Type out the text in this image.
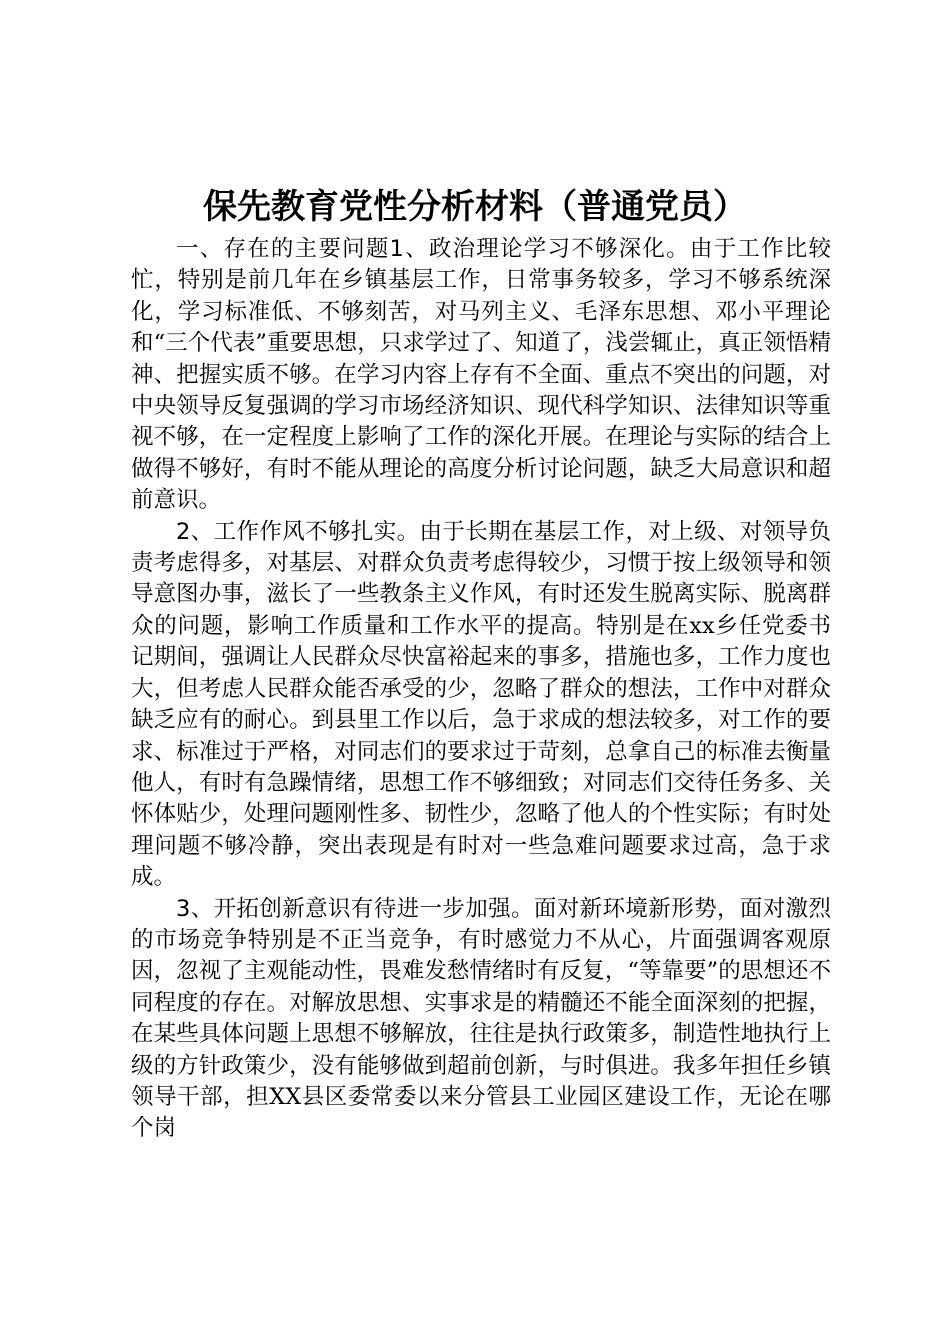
保先教育党性分析材料（普通党员）

一、存在的主要问题1、政治理论学习不够深化。由于工作比较忙，特别是前几年在乡镇基层工作，日常事务较多，学习不够系统深化，学习标准低、不够刻苦，对马列主义、毛泽东思想、邓小平理论和“三个代表”重要思想，只求学过了、知道了，浅尝辄止，真正领悟精神、把握实质不够。在学习内容上存有不全面、重点不突出的问题，对中央领导反复强调的学习市场经济知识、现代科学知识、法律知识等重视不够，在一定程度上影响了工作的深化开展。在理论与实际的结合上做得不够好，有时不能从理论的高度分析讨论问题，缺乏大局意识和超前意识。

2、工作作风不够扎实。由于长期在基层工作，对上级、对领导负责考虑得多，对基层、对群众负责考虑得较少，习惯于按上级领导和领导意图办事，滋长了一些教条主义作风，有时还发生脱离实际、脱离群众的问题，影响工作质量和工作水平的提高。特别是在xx乡任党委书记期间，强调让人民群众尽快富裕起来的事多，措施也多，工作力度也大，但考虑人民群众能否承受的少，忽略了群众的想法，工作中对群众缺乏应有的耐心。到县里工作以后，急于求成的想法较多，对工作的要求、标准过于严格，对同志们的要求过于苛刻，总拿自己的标准去衡量他人，有时有急躁情绪，思想工作不够细致；对同志们交待任务多、关怀体贴少，处理问题刚性多、韧性少，忽略了他人的个性实际；有时处理问题不够冷静，突出表现是有时对一些急难问题要求过高，急于求成。

3、开拓创新意识有待进一步加强。面对新环境新形势，面对激烈的市场竞争特别是不正当竞争，有时感觉力不从心，片面强调客观原因，忽视了主观能动性，畏难发愁情绪时有反复，“等靠要”的思想还不同程度的存在。对解放思想、实事求是的精髓还不能全面深刻的把握，在某些具体问题上思想不够解放，往往是执行政策多，制造性地执行上级的方针政策少，没有能够做到超前创新，与时俱进。我多年担任乡镇领导干部，担XX县区委常委以来分管县工业园区建设工作，无论在哪个岗
